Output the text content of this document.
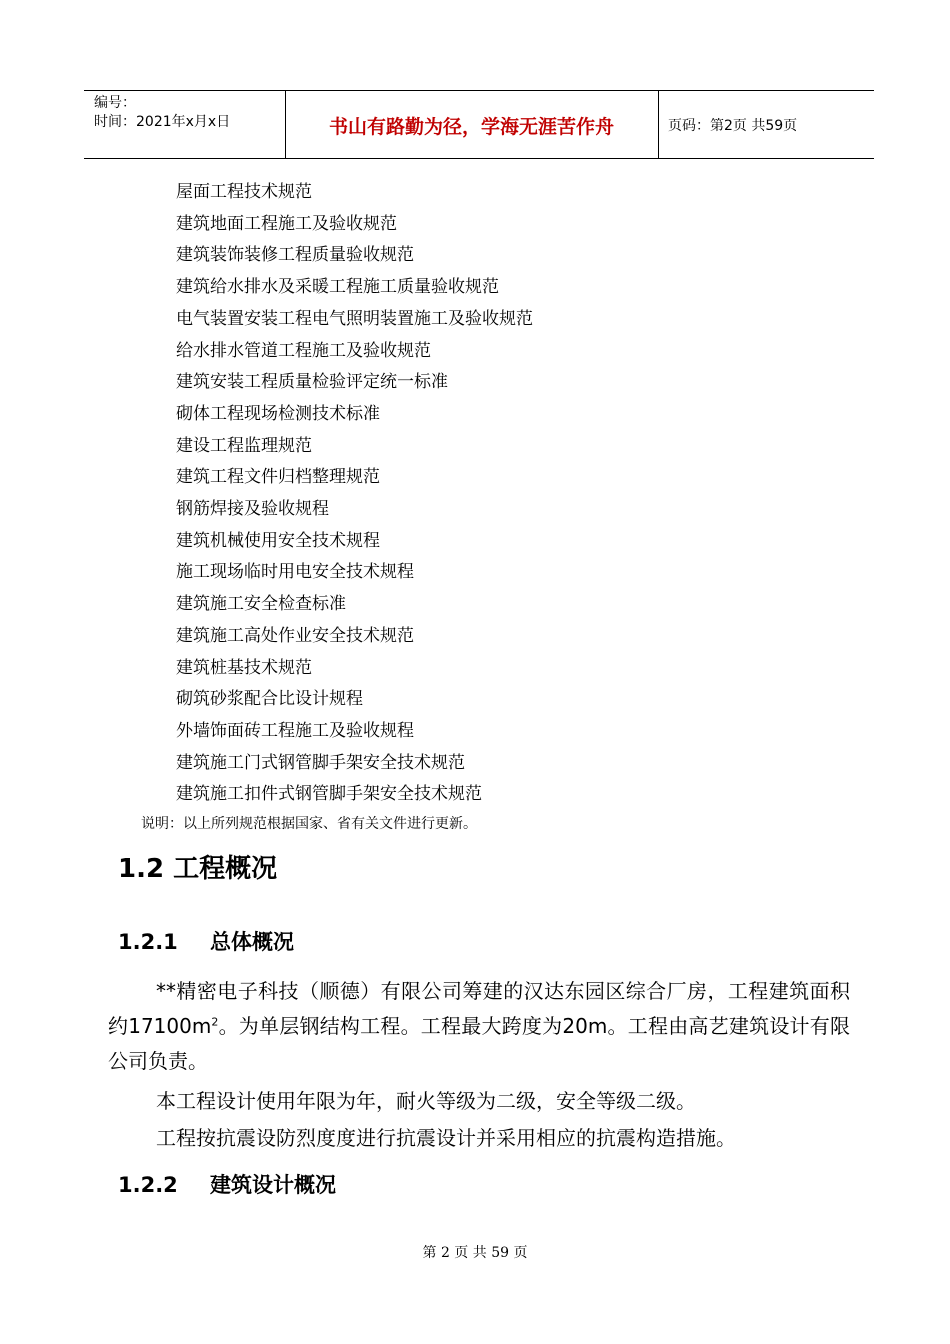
编号：
时间：2021年x月x日	书山有路勤为径，学海无涯苦作舟	页码：第2页 共59页
屋面工程技术规范
建筑地面工程施工及验收规范
建筑装饰装修工程质量验收规范
建筑给水排水及采暖工程施工质量验收规范
电气装置安装工程电气照明装置施工及验收规范
给水排水管道工程施工及验收规范
建筑安装工程质量检验评定统一标准
砌体工程现场检测技术标准
建设工程监理规范
建筑工程文件归档整理规范
钢筋焊接及验收规程
建筑机械使用安全技术规程
施工现场临时用电安全技术规程
建筑施工安全检查标准
建筑施工高处作业安全技术规范
建筑桩基技术规范
砌筑砂浆配合比设计规程
外墙饰面砖工程施工及验收规程
建筑施工门式钢管脚手架安全技术规范
建筑施工扣件式钢管脚手架安全技术规范
说明：以上所列规范根据国家、省有关文件进行更新。
1.2 工程概况
1.2.1 总体概况
**精密电子科技（顺德）有限公司筹建的汉达东园区综合厂房，工程建筑面积约$17100m^2$。为单层钢结构工程。工程最大跨度为20m。工程由高艺建筑设计有限公司负责。
本工程设计使用年限为年，耐火等级为二级，安全等级二级。
工程按抗震设防烈度度进行抗震设计并采用相应的抗震构造措施。
1.2.2 建筑设计概况
第 2 页 共 59 页
